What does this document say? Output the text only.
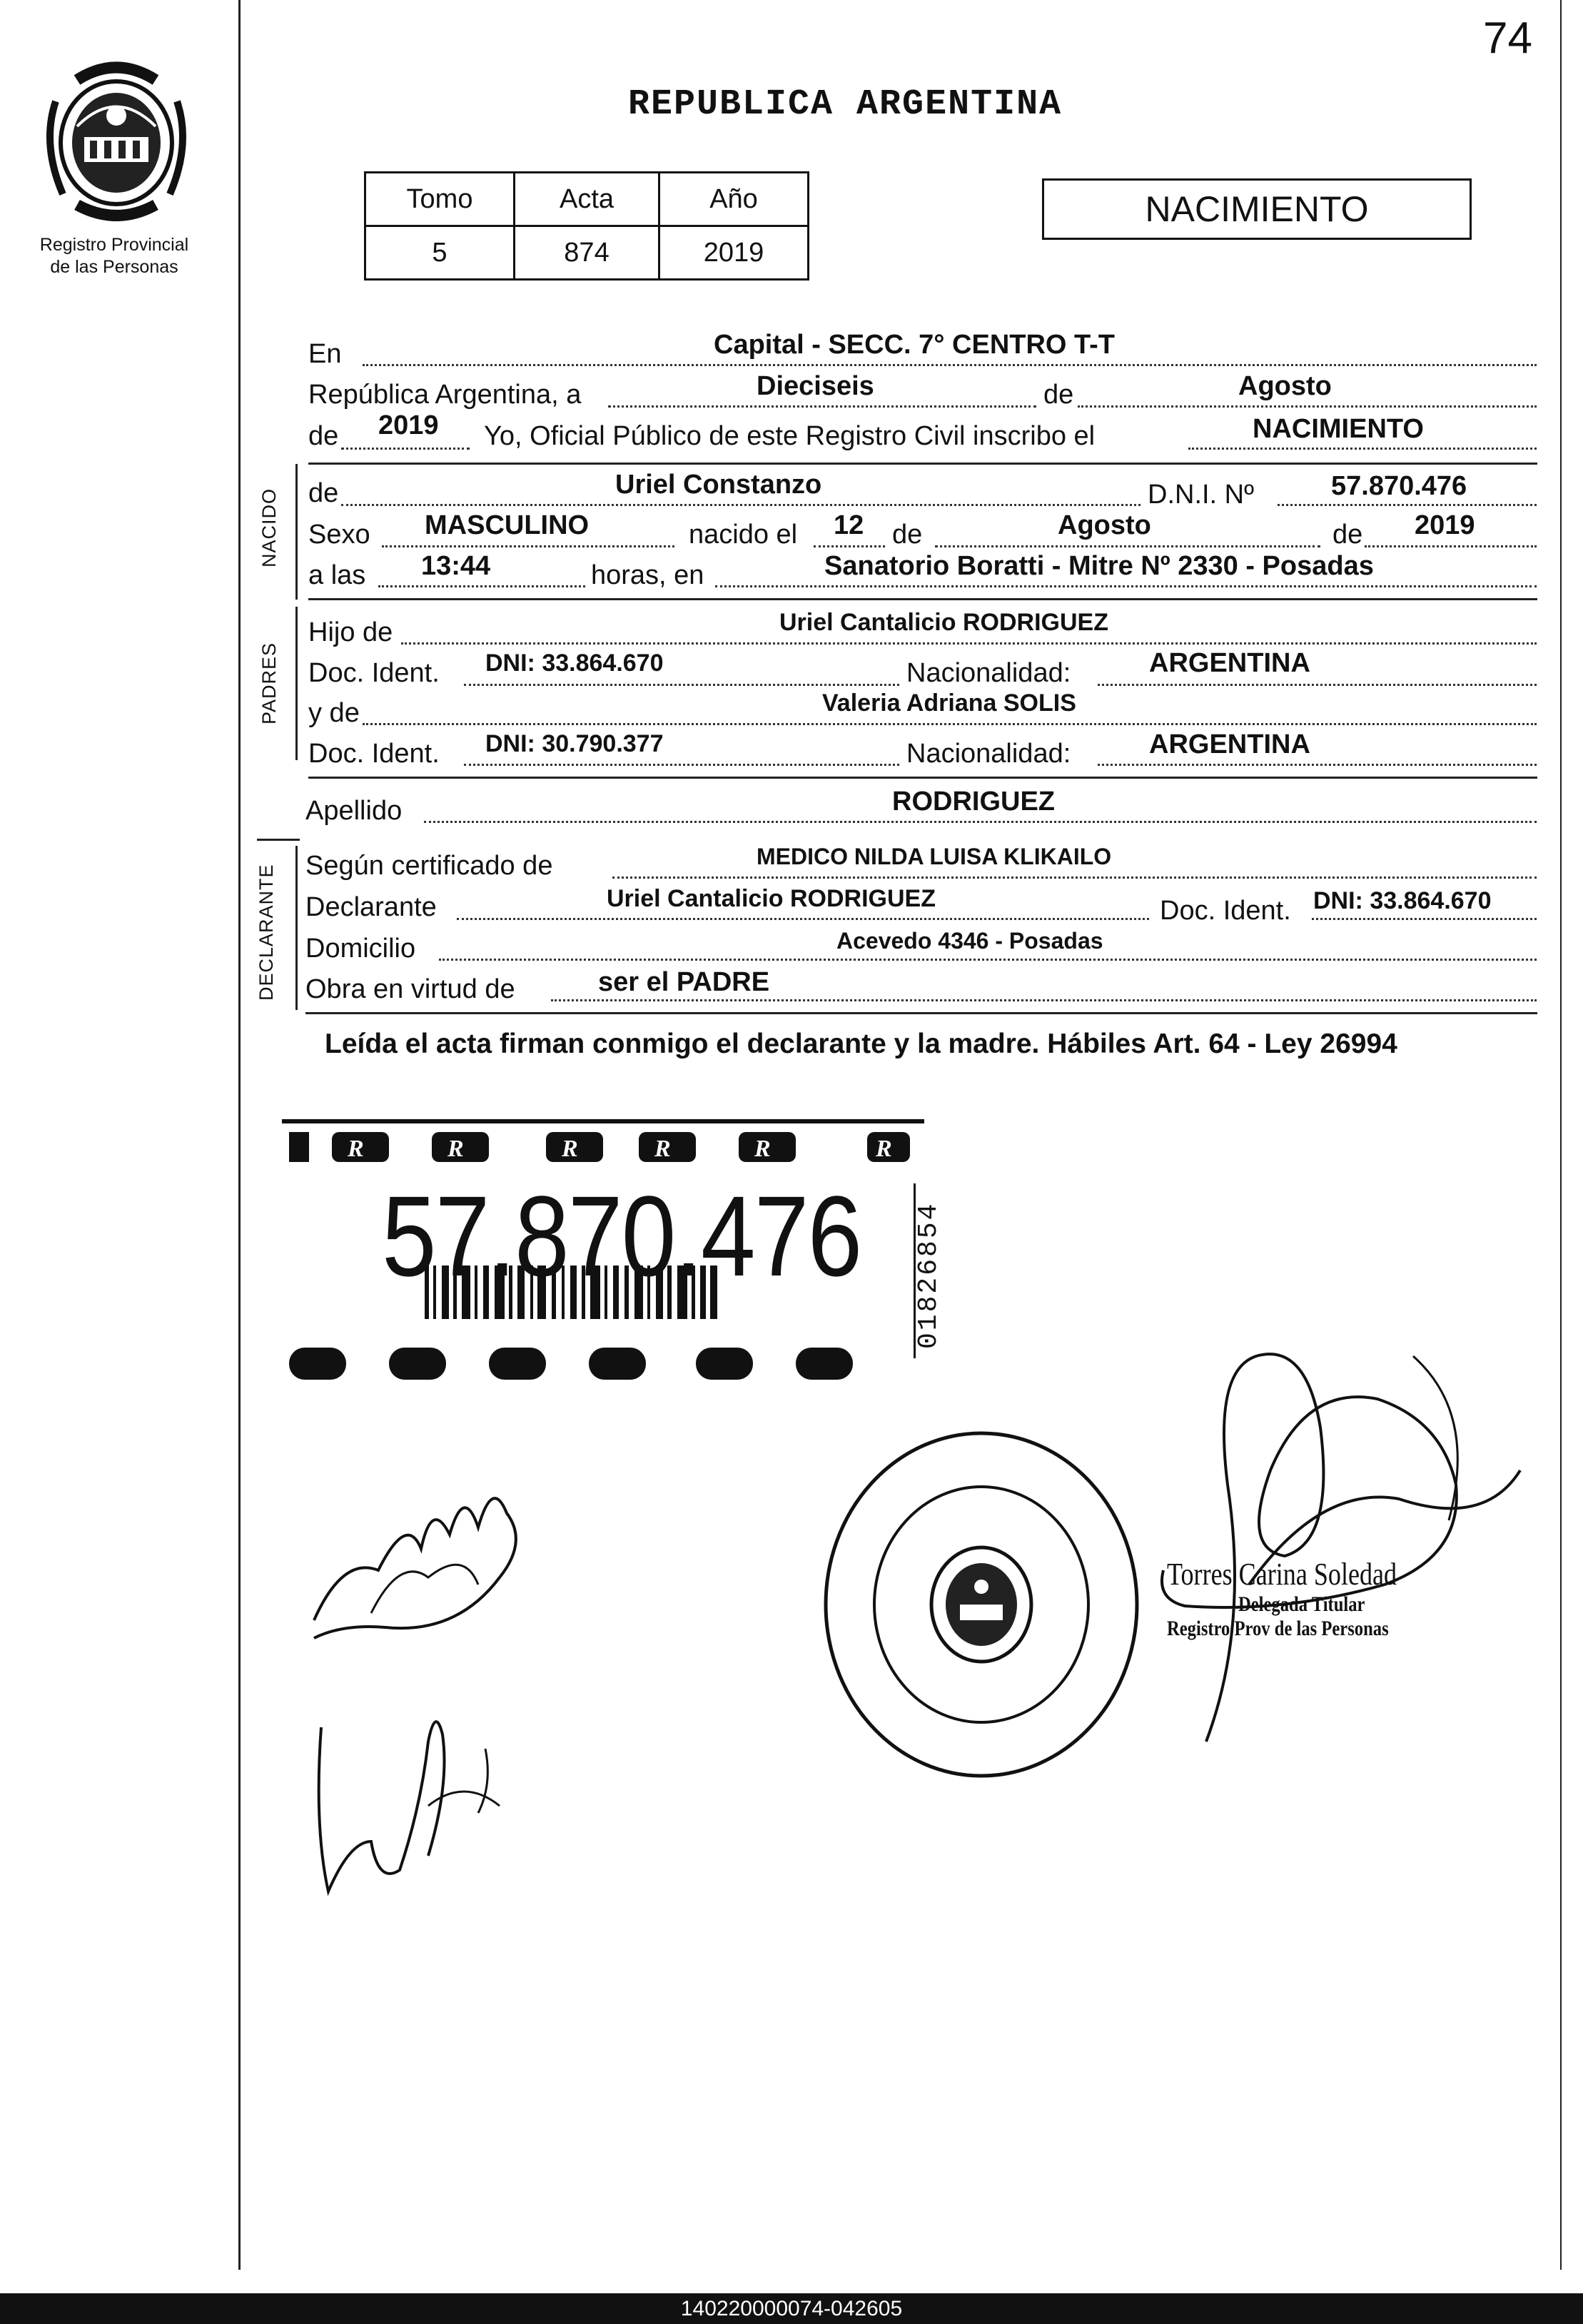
74
Registro Provincial
de las Personas
REPUBLICA ARGENTINA
Tomo	Acta	Año
5	874	2019
NACIMIENTO
En	Capital - SECC. 7° CENTRO T-T
República Argentina, a	Dieciseis	de	Agosto
de 2019 Yo, Oficial Público de este Registro Civil inscribo el	NACIMIENTO
NACIDO de	Uriel Constanzo	D.N.I. Nº	57.870.476
Sexo MASCULINO	nacido el 12 de	Agosto	de 2019
a las 13:44	horas, en	Sanatorio Boratti - Mitre Nº 2330 - Posadas
PADRES
Hijo de	Uriel Cantalicio RODRIGUEZ
Doc. Ident. DNI: 33.864.670	Nacionalidad:	ARGENTINA
y de	Valeria Adriana SOLIS
Doc. Ident. DNI: 30.790.377	Nacionalidad:	ARGENTINA
Apellido	RODRIGUEZ
DECLARANTE Según certificado de	MEDICO NILDA LUISA KLIKAILO
Declarante	Uriel Cantalicio RODRIGUEZ	Doc. Ident. DNI: 33.864.670
Domicilio	Acevedo 4346 - Posadas
Obra en virtud de	ser el PADRE
Leída el acta firman conmigo el declarante y la madre. Hábiles Art. 64 - Ley 26994
R	R	R	R	R	R
57.870.476 01826854
Torres Carina Soledad
Delegada Titular
Registro Prov de las Personas
140220000074-042605
